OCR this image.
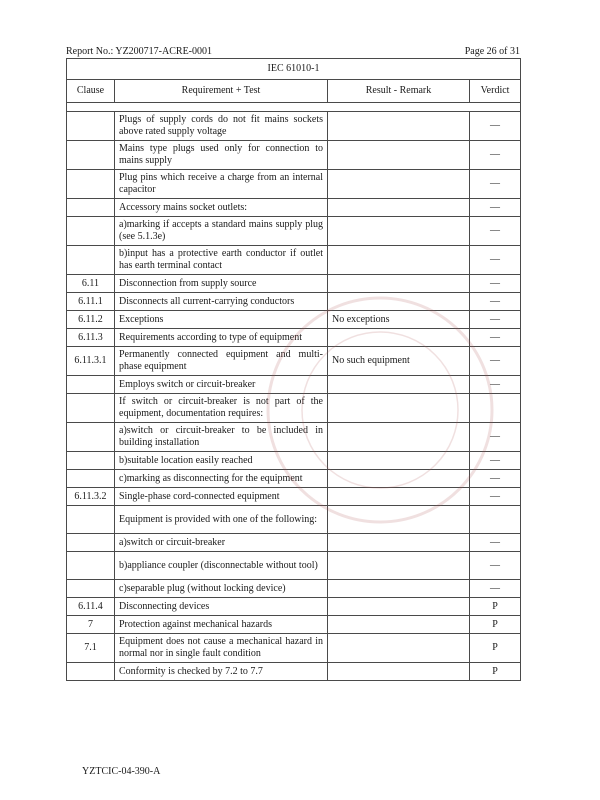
Report No.: YZ200717-ACRE-0001	Page 26 of 31
IEC 61010-1			
Clause	Requirement + Test	Result - Remark	Verdict

	Plugs of supply cords do not fit mains sockets above rated supply voltage		—
	Mains type plugs used only for connection to mains supply		—
	Plug pins which receive a charge from an internal capacitor		—
	Accessory mains socket outlets:		—
	a)marking if accepts a standard mains supply plug (see 5.1.3e)		—
	b)input has a protective earth conductor if outlet has earth terminal contact		—
6.11	Disconnection from supply source		—
6.11.1	Disconnects all current-carrying conductors		—
6.11.2	Exceptions	No exceptions	—
6.11.3	Requirements according to type of equipment		—
6.11.3.1	Permanently connected equipment and multi-phase equipment	No such equipment	—
	Employs switch or circuit-breaker		—
	If switch or circuit-breaker is not part of the equipment, documentation requires:		
	a)switch or circuit-breaker to be included in building installation		—
	b)suitable location easily reached		—
	c)marking as disconnecting for the equipment		—
6.11.3.2	Single-phase cord-connected equipment		—
	Equipment is provided with one of the following:		
	a)switch or circuit-breaker		—
	b)appliance coupler (disconnectable without tool)		—
	c)separable plug (without locking device)		—
6.11.4	Disconnecting devices		P
7	Protection against mechanical hazards		P
7.1	Equipment does not cause a mechanical hazard in normal nor in single fault condition		P
	Conformity is checked by 7.2 to 7.7		P
YZTCIC-04-390-A
